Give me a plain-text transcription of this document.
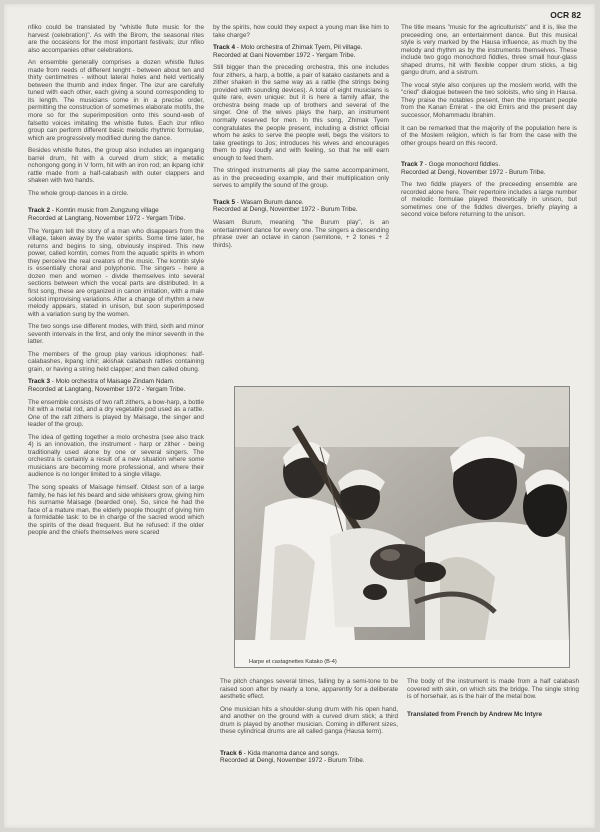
OCR 82

nfiko could be translated by "whistle flute music for the harvest (celebration)". As with the Birom, the seasonal rites are the occasions for the most important festivals; izur nfiko also accompanies other celebrations.

An ensemble generally comprises a dozen whistle flutes made from reeds of different lenght - between about ten and thirty centimetres - without lateral holes and held vertically between the thumb and index finger. The izur are carefully tuned with each other, each giving a sound corresponding to its length. The musicians come in in a precise order, permitting the construction of sometimes elaborate motifs, the more so for the superimposition onto this sound-web of falsetto voices imitating the whistle flutes. Each izur nfiko group can perform different basic melodic rhythmic formulae, which are progressively modified during the dance.

Besides whistle flutes, the group also includes an ingangang barrel drum, hit with a curved drum stick; a metallic nchongong gong in V form, hit with an iron rod; an ikpang ichir rattle made from a half-calabash with outer clappers and shaken with two hands.

The whole group dances in a circle.

Track 2 - Komtin music from Zungzung village
Recorded at Langtang, November 1972 - Yergam Tribe.

The Yergam tell the story of a man who disappears from the village, taken away by the water spirits. Some time later, he returns and begins to sing, obviously inspired. This new power, called komtin, comes from the aquatic spirits in whom they perceive the real creators of the music. The komtin style is essentially choral and polyphonic. The singers - here a dozen men and women - divide themselves into several sections between which the vocal parts are distributed. In a first song, these are organized in canon imitation, with a male soloist improvising variations. After a change of rhythm a new melody appears, stated in unison, but soon superimposed with a variation sung by the women.

The two songs use different modes, with third, sixth and minor seventh intervals in the first, and only the minor seventh in the latter.

The members of the group play various idiophones: half-calabashes, ikpang ichir; akishak calabash rattles containing grain, or having a string held clapper; and then called obung.

Track 3 - Molo orchestra of Maisage Zindam Ndam.
Recorded at Langtang, November 1972 - Yergam Tribe.

The ensemble consists of two raft zithers, a bow-harp, a bottle hit with a metal rod, and a dry vegetable pod used as a rattle. One of the raft zithers is played by Maisage, the singer and leader of the group.

The idea of getting together a molo orchestra (see also track 4) is an innovation, the instrument - harp or zither - being traditionally used alone by one or several singers. The orchestra is certainly a result of a new situation where some musicians are becoming more professional, and where their audience is no longer limited to a single village.

The song speaks of Maisage himself. Oldest son of a large family, he has let his beard and side whiskers grow, giving him his surname Maisage (bearded one). So, since he had the face of a mature man, the elderly people thought of giving him a formidable task: to be in charge of the sacred wood which the spirits of the dead frequent. But he refused: if the older people and the chiefs themselves were scared

by the spirits, how could they expect a young man like him to take charge?

Track 4 - Molo orchestra of Zhimak Tyem, Pil village.
Recorded at Gani November 1972 - Yergam Tribe.

Still bigger than the preceding orchestra, this one includes four zithers, a harp, a bottle, a pair of katako castanets and a zither shaken in the same way as a rattle (the strings being provided with sounding devices). A total of eight musicians is quite rare, even unique: but it is here a family affair, the orchestra being made up of brothers and several of the singer. One of the wives plays the harp, an instrument normally reserved for men. In this song, Zhimak Tyem congratulates the people present, including a district official whom he asks to serve the people well, begs the visitors to take greetings to Jos; introduces his wives and encourages them to play loudly and with feeling, so that he will earn enough to feed them.

The stringed instruments all play the same accompaniment, as in the preceeding example, and their multiplication only serves to amplify the sound of the group.

Track 5 - Wasam Burum dance.
Recorded at Dengi, November 1972 - Burum Tribe.

Wasam Burum, meaning "the Burum play", is an entertainment dance for every one. The singers a descending phrase over an octave in canon (semitone, + 2 tones + 2 thirds).

The title means "music for the agriculturists" and it is, like the preceeding one, an entertainment dance. But this musical style is very marked by the Hausa influence, as much by the melody and rhythm as by the instruments themselves. These include two gogo monochord fiddles, three small hour-glass shaped drums, hit with flexible copper drum sticks, a big gangu drum, and a sistrum.

The vocal style also conjures up the moslem world, with the "cried" dialogue between the two soloists, who sing in Hausa. They praise the notables present, then the important people from the Kanan Emirat - the old Emirs and the present day successor, Mohammadu Ibrahim.

It can be remarked that the majority of the population here is of the Moslem religion, which is far from the case with the other groups heard on this record.

Track 7 - Goge monochord fiddles.
Recorded at Dengi, November 1972 - Burum Tribe.

The two fiddle players of the preceeding ensemble are recorded alone here. Their repertoire includes a large number of melodic formulae played theoretically in unison, but sometimes one of the fiddles diverges, briefly playing a second voice before returning to the unison.

Harpe et castagnettes Katako (B-4)

The pitch changes several times, falling by a semi-tone to be raised soon after by nearly a tone, apparently for a deliberate aesthetic effect.

One musician hits a shoulder-slung drum with his open hand, and another on the ground with a curved drum stick; a third drum is played by another musician. Coming in different sizes, these cylindrical drums are all called ganga (Hausa term).

Track 6 - Kida manoma dance and songs.
Recorded at Dengi, November 1972 - Burum Tribe.

The body of the instrument is made from a half calabash covered with skin, on which sits the bridge. The single string is of horsehair, as is the hair of the metal bow.

Translated from French by Andrew Mc Intyre
